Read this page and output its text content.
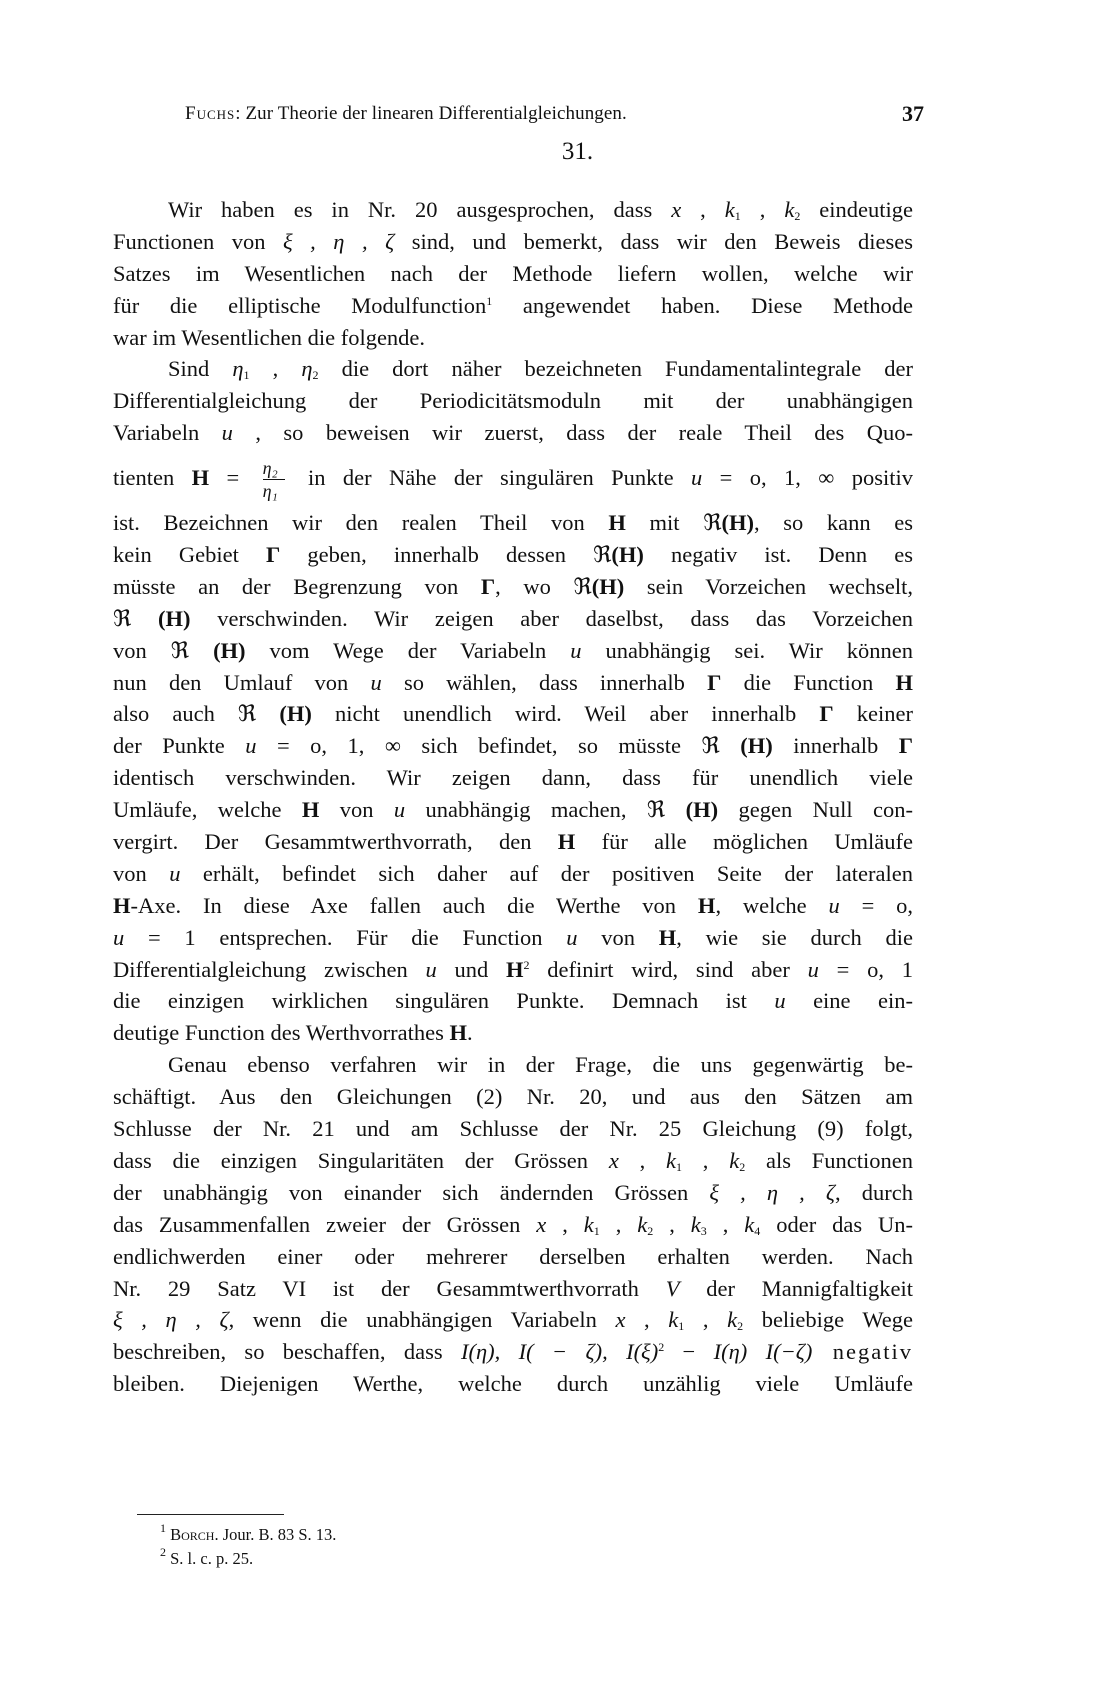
Fuchs: Zur Theorie der linearen Differentialgleichungen.	37
31.
Wir haben es in Nr. 20 ausgesprochen, dass x , $k_1$ , $k_2$ eindeutige
Functionen von ξ , η , ζ sind, und bemerkt, dass wir den Beweis dieses
Satzes im Wesentlichen nach der Methode liefern wollen, welche wir
für die elliptische Modulfunction$^1$ angewendet haben. Diese Methode
war im Wesentlichen die folgende.
Sind $\eta_1$ , $\eta_2$ die dort näher bezeichneten Fundamentalintegrale der
Differentialgleichung der Periodicitätsmoduln mit der unabhängigen
Variabeln u , so beweisen wir zuerst, dass der reale Theil des Quo-
tienten $H = \frac{\text{η₂}}{\text{η₁}}$ in der Nähe der singulären Punkte u = o, 1, ∞ positiv
ist. Bezeichnen wir den realen Theil von H mit ℜ(H), so kann es
kein Gebiet Γ geben, innerhalb dessen ℜ(H) negativ ist. Denn es
müsste an der Begrenzung von Γ, wo ℜ(H) sein Vorzeichen wechselt,
ℜ (H) verschwinden. Wir zeigen aber daselbst, dass das Vorzeichen
von ℜ (H) vom Wege der Variabeln u unabhängig sei. Wir können
nun den Umlauf von u so wählen, dass innerhalb Γ die Function H
also auch ℜ (H) nicht unendlich wird. Weil aber innerhalb Γ keiner
der Punkte u = o, 1, ∞ sich befindet, so müsste ℜ (H) innerhalb Γ
identisch verschwinden. Wir zeigen dann, dass für unendlich viele
Umläufe, welche H von u unabhängig machen, ℜ (H) gegen Null con-
vergirt. Der Gesammtwerthvorrath, den H für alle möglichen Umläufe
von u erhält, befindet sich daher auf der positiven Seite der lateralen
H-Axe. In diese Axe fallen auch die Werthe von H, welche u = o,
u = 1 entsprechen. Für die Function u von H, wie sie durch die
Differentialgleichung zwischen u und $H^2$ definirt wird, sind aber u = o, 1
die einzigen wirklichen singulären Punkte. Demnach ist u eine ein-
deutige Function des Werthvorrathes H.
Genau ebenso verfahren wir in der Frage, die uns gegenwärtig be-
schäftigt. Aus den Gleichungen (2) Nr. 20, und aus den Sätzen am
Schlusse der Nr. 21 und am Schlusse der Nr. 25 Gleichung (9) folgt,
dass die einzigen Singularitäten der Grössen x , $k_1$ , $k_2$ als Functionen
der unabhängig von einander sich ändernden Grössen ξ , η , ζ, durch
das Zusammenfallen zweier der Grössen x , $k_1$ , $k_2$ , $k_3$ , $k_4$ oder das Un-
endlichwerden einer oder mehrerer derselben erhalten werden. Nach
Nr. 29 Satz VI ist der Gesammtwerthvorrath V der Mannigfaltigkeit
ξ , η , ζ, wenn die unabhängigen Variabeln x , $k_1$ , $k_2$ beliebige Wege
beschreiben, so beschaffen, dass I(η), I( − ζ), $I(\xi)^2 - I(\eta)$ I(−ζ) negativ
bleiben. Diejenigen Werthe, welche durch unzählig viele Umläufe
$^1$ Borch. Jour. B. 83 S. 13.
$^2$ S. l. c. p. 25.
